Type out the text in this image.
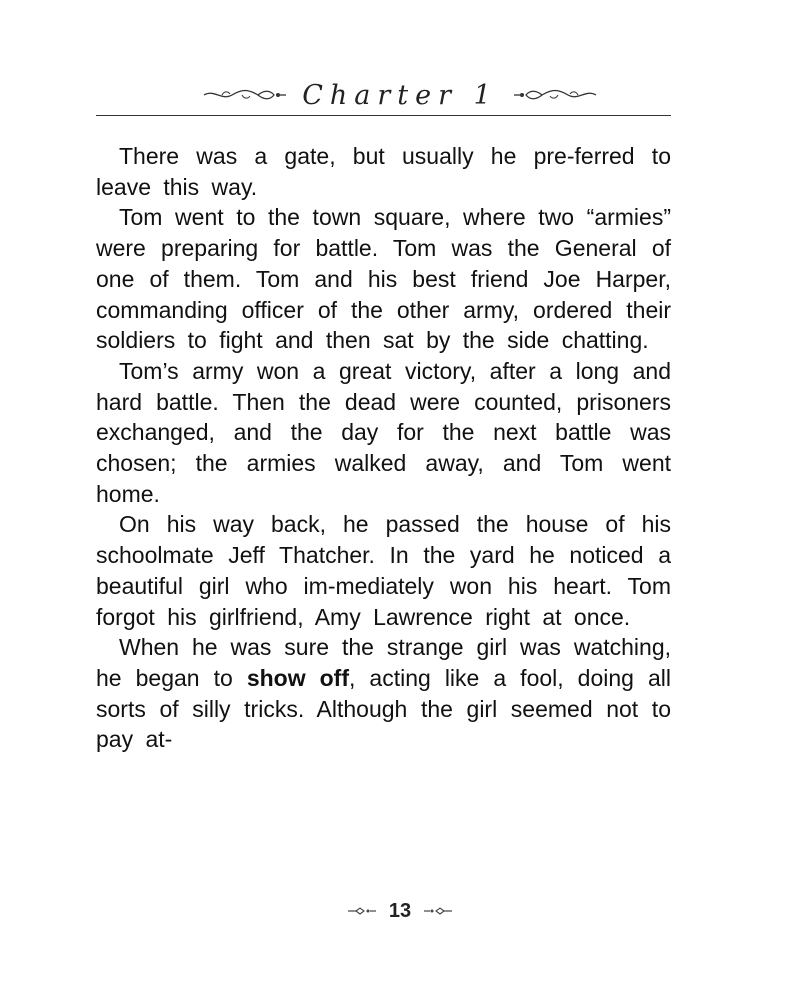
Charter 1

There was a gate, but usually he pre-ferred to leave this way.

Tom went to the town square, where two “armies” were preparing for battle. Tom was the General of one of them. Tom and his best friend Joe Harper, commanding officer of the other army, ordered their soldiers to fight and then sat by the side chatting.

Tom’s army won a great victory, after a long and hard battle. Then the dead were counted, prisoners exchanged, and the day for the next battle was chosen; the armies walked away, and Tom went home.

On his way back, he passed the house of his schoolmate Jeff Thatcher. In the yard he noticed a beautiful girl who im-mediately won his heart. Tom forgot his girlfriend, Amy Lawrence right at once.

When he was sure the strange girl was watching, he began to show off, acting like a fool, doing all sorts of silly tricks. Although the girl seemed not to pay at-

13
